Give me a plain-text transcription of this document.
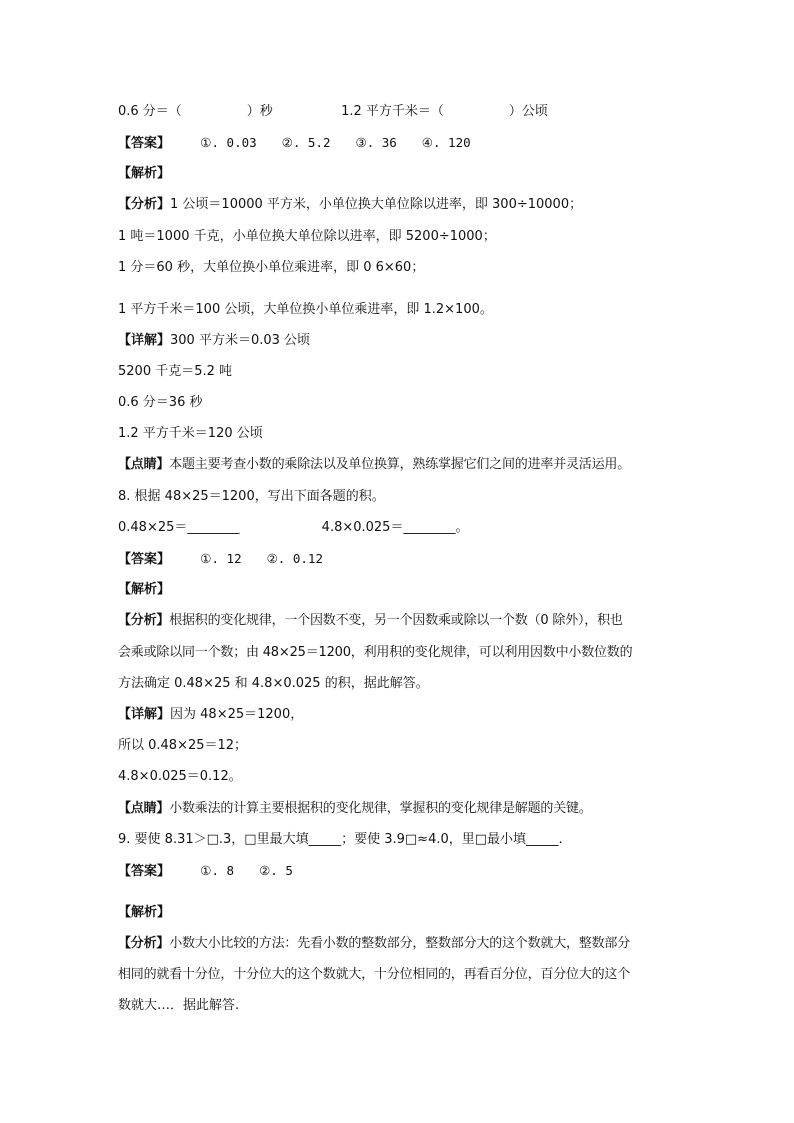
0.6 分＝（　　　　　）秒	1.2 平方千米＝（　　　　　）公顷
【答案】 ①. 0.03　　②. 5.2　　③. 36　　④. 120
【解析】
【分析】1 公顷＝10000 平方米，小单位换大单位除以进率，即 300÷10000；
1 吨＝1000 千克，小单位换大单位除以进率，即 5200÷1000；
1 分＝60 秒，大单位换小单位乘进率，即 0 6×60；
1 平方千米＝100 公顷，大单位换小单位乘进率，即 1.2×100。
【详解】300 平方米＝0.03 公顷
5200 千克＝5.2 吨
0.6 分＝36 秒
1.2 平方千米＝120 公顷
【点睛】本题主要考查小数的乘除法以及单位换算，熟练掌握它们之间的进率并灵活运用。
8. 根据 48×25＝1200，写出下面各题的积。
0.48×25＝________	4.8×0.025＝________。
【答案】 ①. 12　　②. 0.12
【解析】
【分析】根据积的变化规律，一个因数不变，另一个因数乘或除以一个数（0 除外），积也
会乘或除以同一个数；由 48×25＝1200，利用积的变化规律，可以利用因数中小数位数的
方法确定 0.48×25 和 4.8×0.025 的积，据此解答。
【详解】因为 48×25＝1200，
所以 0.48×25＝12；
4.8×0.025＝0.12。
【点睛】小数乘法的计算主要根据积的变化规律，掌握积的变化规律是解题的关键。
9. 要使 8.31＞□.3，□里最大填_____；要使 3.9□≈4.0，里□最小填_____.
【答案】 ①. 8　　②. 5
【解析】
【分析】小数大小比较的方法：先看小数的整数部分，整数部分大的这个数就大，整数部分
相同的就看十分位，十分位大的这个数就大，十分位相同的，再看百分位，百分位大的这个
数就大…．据此解答.
